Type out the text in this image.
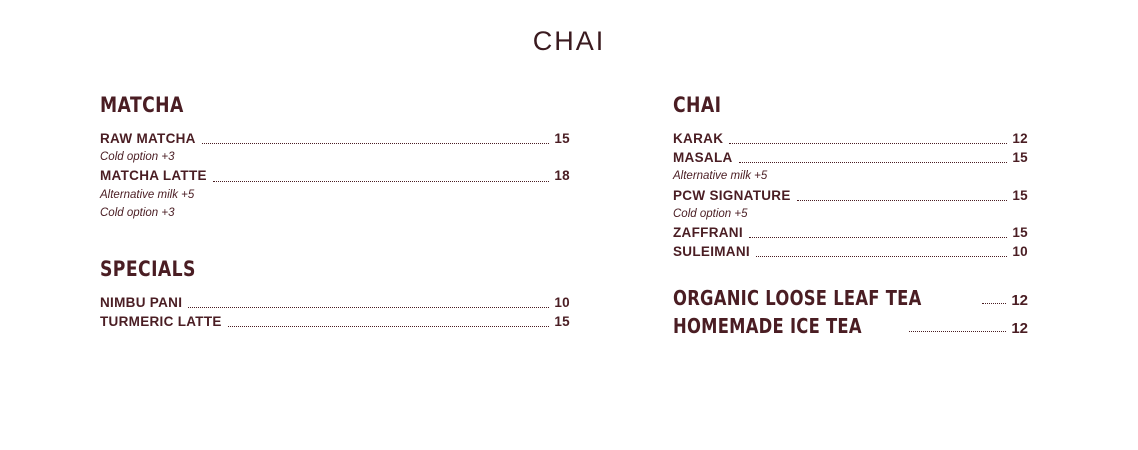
CHAI
MATCHA
RAW MATCHA	15
Cold option +3
MATCHA LATTE	18
Alternative milk +5
Cold option +3
SPECIALS
NIMBU PANI	10
TURMERIC LATTE	15
CHAI
KARAK	12
MASALA	15
Alternative milk +5
PCW SIGNATURE	15
Cold option +5
ZAFFRANI	15
SULEIMANI	10
ORGANIC LOOSE LEAF TEA	12
HOMEMADE ICE TEA	12
